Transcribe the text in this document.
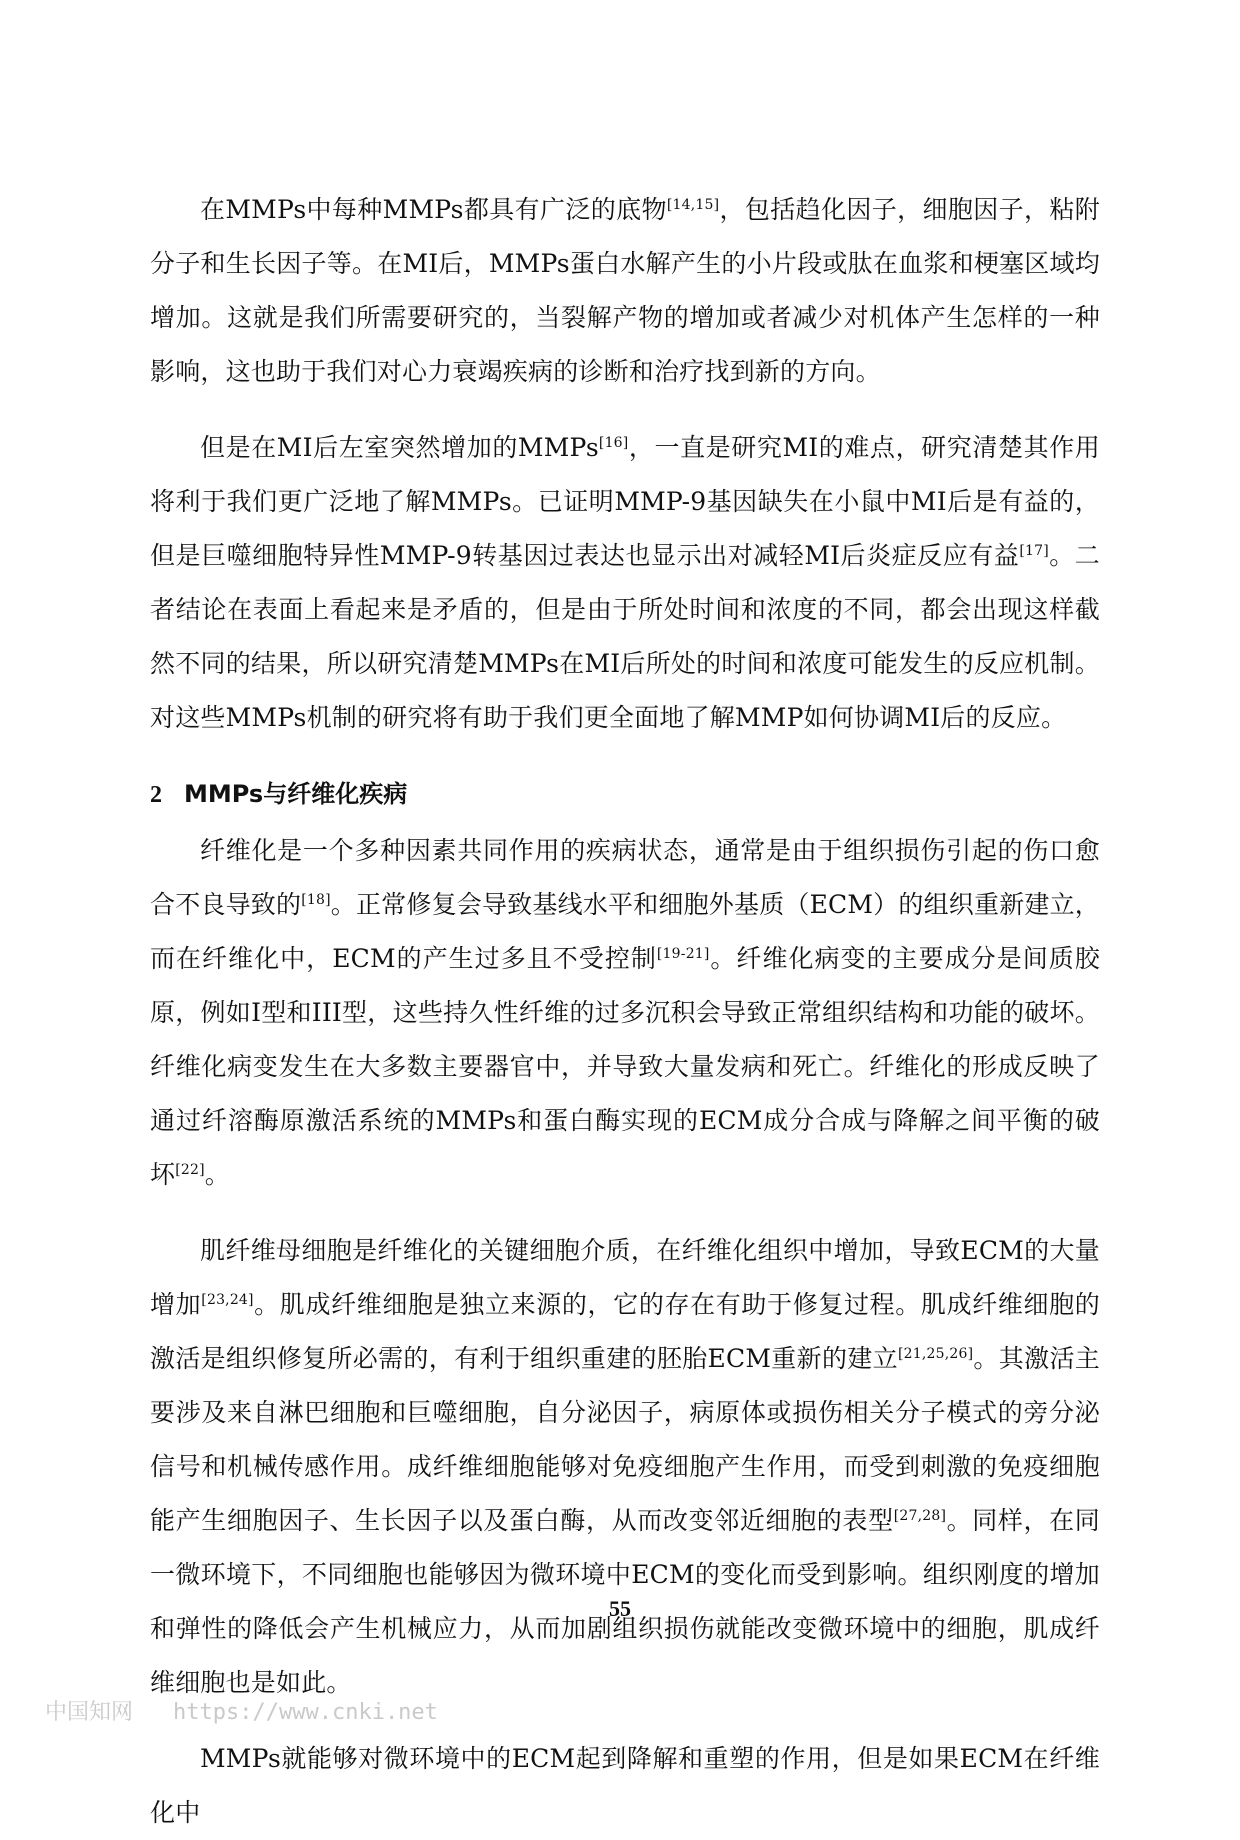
在MMPs中每种MMPs都具有广泛的底物[14,15]，包括趋化因子，细胞因子，粘附分子和生长因子等。在MI后，MMPs蛋白水解产生的小片段或肽在血浆和梗塞区域均增加。这就是我们所需要研究的，当裂解产物的增加或者减少对机体产生怎样的一种影响，这也助于我们对心力衰竭疾病的诊断和治疗找到新的方向。

但是在MI后左室突然增加的MMPs[16]，一直是研究MI的难点，研究清楚其作用将利于我们更广泛地了解MMPs。已证明MMP-9基因缺失在小鼠中MI后是有益的，但是巨噬细胞特异性MMP-9转基因过表达也显示出对减轻MI后炎症反应有益[17]。二者结论在表面上看起来是矛盾的，但是由于所处时间和浓度的不同，都会出现这样截然不同的结果，所以研究清楚MMPs在MI后所处的时间和浓度可能发生的反应机制。对这些MMPs机制的研究将有助于我们更全面地了解MMP如何协调MI后的反应。

2 MMPs与纤维化疾病

纤维化是一个多种因素共同作用的疾病状态，通常是由于组织损伤引起的伤口愈合不良导致的[18]。正常修复会导致基线水平和细胞外基质（ECM）的组织重新建立，而在纤维化中，ECM的产生过多且不受控制[19-21]。纤维化病变的主要成分是间质胶原，例如I型和III型，这些持久性纤维的过多沉积会导致正常组织结构和功能的破坏。纤维化病变发生在大多数主要器官中，并导致大量发病和死亡。纤维化的形成反映了通过纤溶酶原激活系统的MMPs和蛋白酶实现的ECM成分合成与降解之间平衡的破坏[22]。

肌纤维母细胞是纤维化的关键细胞介质，在纤维化组织中增加，导致ECM的大量增加[23,24]。肌成纤维细胞是独立来源的，它的存在有助于修复过程。肌成纤维细胞的激活是组织修复所必需的，有利于组织重建的胚胎ECM重新的建立[21,25,26]。其激活主要涉及来自淋巴细胞和巨噬细胞，自分泌因子，病原体或损伤相关分子模式的旁分泌信号和机械传感作用。成纤维细胞能够对免疫细胞产生作用，而受到刺激的免疫细胞能产生细胞因子、生长因子以及蛋白酶，从而改变邻近细胞的表型[27,28]。同样，在同一微环境下，不同细胞也能够因为微环境中ECM的变化而受到影响。组织刚度的增加和弹性的降低会产生机械应力，从而加剧组织损伤就能改变微环境中的细胞，肌成纤维细胞也是如此。

MMPs就能够对微环境中的ECM起到降解和重塑的作用，但是如果ECM在纤维化中

55
中国知网 https://www.cnki.net
